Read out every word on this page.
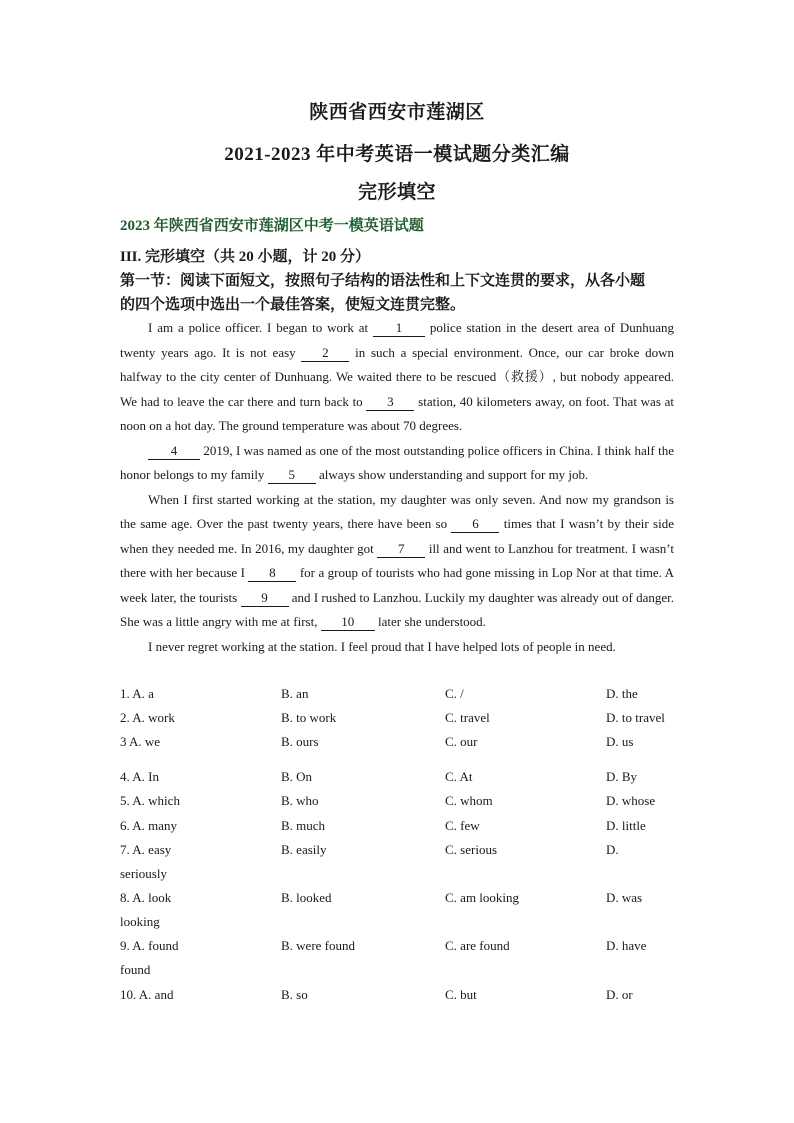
陕西省西安市莲湖区
2021-2023 年中考英语一模试题分类汇编
完形填空
2023 年陕西省西安市莲湖区中考一模英语试题
III. 完形填空（共 20 小题，计 20 分）
第一节：阅读下面短文，按照句子结构的语法性和上下文连贯的要求，从各小题
的四个选项中选出一个最佳答案，使短文连贯完整。

I am a police officer. I began to work at 1 police station in the desert area of Dunhuang twenty years ago. It is not easy 2 in such a special environment. Once, our car broke down halfway to the city center of Dunhuang. We waited there to be rescued（救援）, but nobody appeared. We had to leave the car there and turn back to 3 station, 40 kilometers away, on foot. That was at noon on a hot day. The ground temperature was about 70 degrees.

4 2019, I was named as one of the most outstanding police officers in China. I think half the honor belongs to my family 5 always show understanding and support for my job.

When I first started working at the station, my daughter was only seven. And now my grandson is the same age. Over the past twenty years, there have been so 6 times that I wasn’t by their side when they needed me. In 2016, my daughter got 7 ill and went to Lanzhou for treatment. I wasn’t there with her because I 8 for a group of tourists who had gone missing in Lop Nor at that time. A week later, the tourists 9 and I rushed to Lanzhou. Luckily my daughter was already out of danger. She was a little angry with me at first, 10 later she understood.

I never regret working at the station. I feel proud that I have helped lots of people in need.

1. A. a	B. an	C. /	D. the
2. A. work	B. to work	C. travel	D. to travel
3 A. we	B. ours	C. our	D. us
4. A. In	B. On	C. At	D. By
5. A. which	B. who	C. whom	D. whose
6. A. many	B. much	C. few	D. little
7. A. easy	B. easily	C. serious	D.
seriously
8. A. look	B. looked	C. am looking	D. was
looking
9. A. found	B. were found	C. are found	D. have
found
10. A. and	B. so	C. but	D. or
